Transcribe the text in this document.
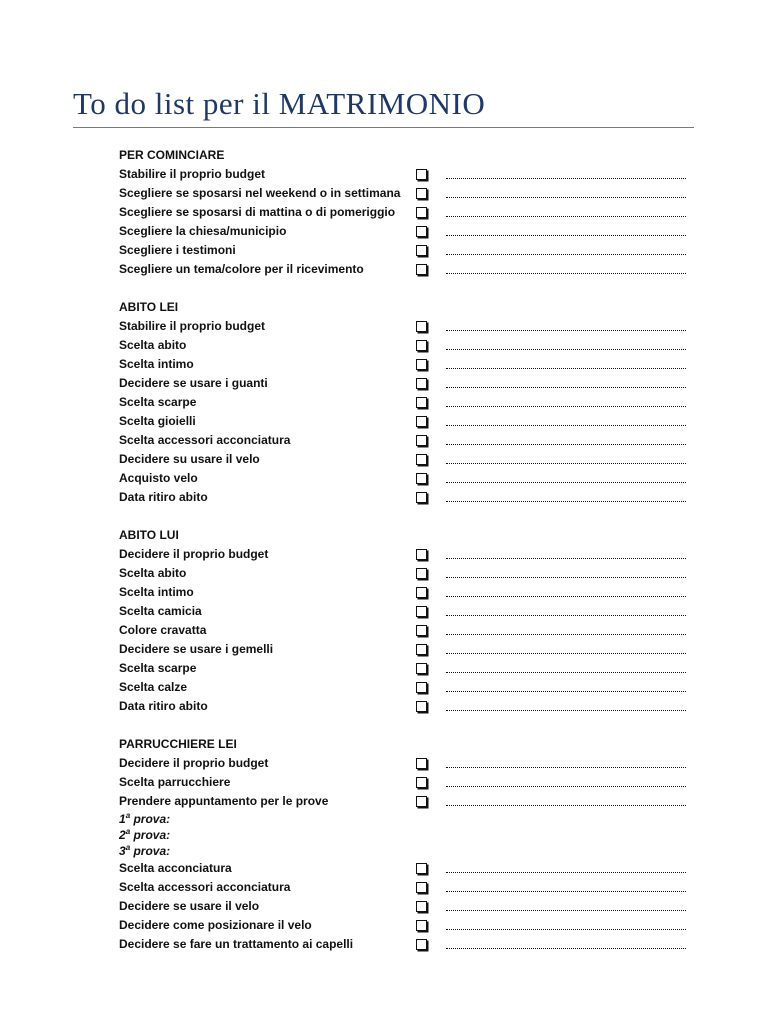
To do list per il MATRIMONIO
PER COMINCIARE
Stabilire il proprio budget
Scegliere se sposarsi nel weekend o in settimana
Scegliere se sposarsi di mattina o di pomeriggio
Scegliere la chiesa/municipio
Scegliere i testimoni
Scegliere un tema/colore per il ricevimento
ABITO LEI
Stabilire il proprio budget
Scelta abito
Scelta intimo
Decidere se usare i guanti
Scelta scarpe
Scelta gioielli
Scelta accessori acconciatura
Decidere su usare il velo
Acquisto velo
Data ritiro abito
ABITO LUI
Decidere il proprio budget
Scelta abito
Scelta intimo
Scelta camicia
Colore cravatta
Decidere se usare i gemelli
Scelta scarpe
Scelta calze
Data ritiro abito
PARRUCCHIERE LEI
Decidere il proprio budget
Scelta parrucchiere
Prendere appuntamento per le prove
1$^a$ prova:
2$^a$ prova:
3$^a$ prova:
Scelta acconciatura
Scelta accessori acconciatura
Decidere se usare il velo
Decidere come posizionare il velo
Decidere se fare un trattamento ai capelli
